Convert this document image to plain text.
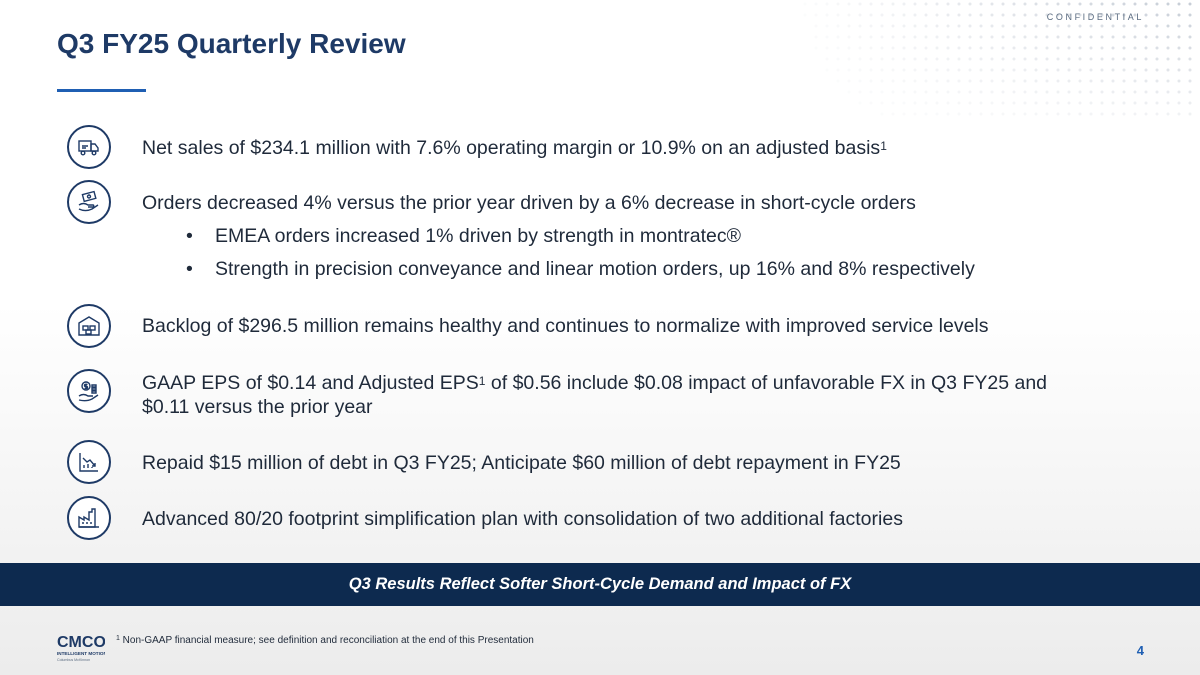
CONFIDENTIAL
Q3 FY25 Quarterly Review
Net sales of $234.1 million with 7.6% operating margin or 10.9% on an adjusted basis$^1$
Orders decreased 4% versus the prior year driven by a 6% decrease in short-cycle orders
• EMEA orders increased 1% driven by strength in montratec®
• Strength in precision conveyance and linear motion orders, up 16% and 8% respectively
Backlog of $296.5 million remains healthy and continues to normalize with improved service levels
GAAP EPS of $0.14 and Adjusted EPS$^1$ of $0.56 include $0.08 impact of unfavorable FX in Q3 FY25 and
$0.11 versus the prior year
Repaid $15 million of debt in Q3 FY25; Anticipate $60 million of debt repayment in FY25
Advanced 80/20 footprint simplification plan with consolidation of two additional factories
Q3 Results Reflect Softer Short-Cycle Demand and Impact of FX
CMCO
INTELLIGENT MOTION
Columbus McKinnon
$^1$ Non-GAAP financial measure; see definition and reconciliation at the end of this Presentation
4
